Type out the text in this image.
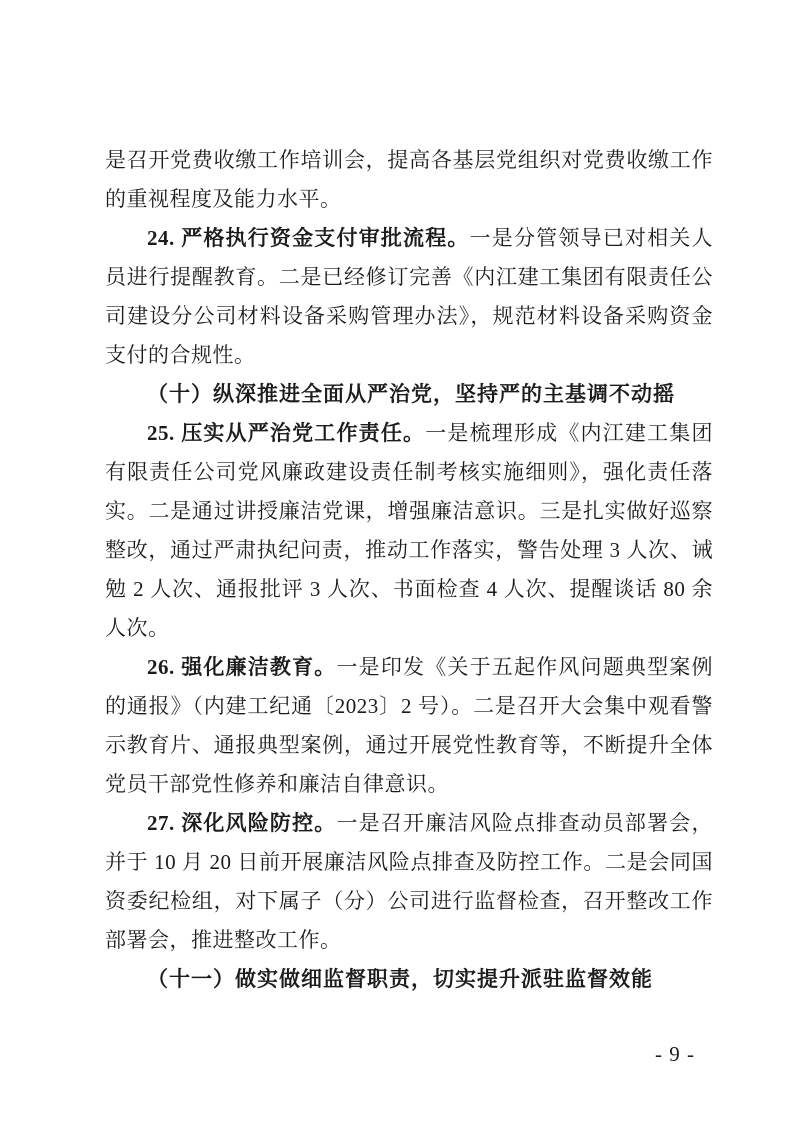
是召开党费收缴工作培训会，提高各基层党组织对党费收缴工作的重视程度及能力水平。

24. 严格执行资金支付审批流程。一是分管领导已对相关人员进行提醒教育。二是已经修订完善《内江建工集团有限责任公司建设分公司材料设备采购管理办法》，规范材料设备采购资金支付的合规性。

（十）纵深推进全面从严治党，坚持严的主基调不动摇

25. 压实从严治党工作责任。一是梳理形成《内江建工集团有限责任公司党风廉政建设责任制考核实施细则》，强化责任落实。二是通过讲授廉洁党课，增强廉洁意识。三是扎实做好巡察整改，通过严肃执纪问责，推动工作落实，警告处理 3 人次、诫勉 2 人次、通报批评 3 人次、书面检查 4 人次、提醒谈话 80 余人次。

26. 强化廉洁教育。一是印发《关于五起作风问题典型案例的通报》（内建工纪通〔2023〕2 号）。二是召开大会集中观看警示教育片、通报典型案例，通过开展党性教育等，不断提升全体党员干部党性修养和廉洁自律意识。

27. 深化风险防控。一是召开廉洁风险点排查动员部署会，并于 10 月 20 日前开展廉洁风险点排查及防控工作。二是会同国资委纪检组，对下属子（分）公司进行监督检查，召开整改工作部署会，推进整改工作。

（十一）做实做细监督职责，切实提升派驻监督效能

- 9 -
